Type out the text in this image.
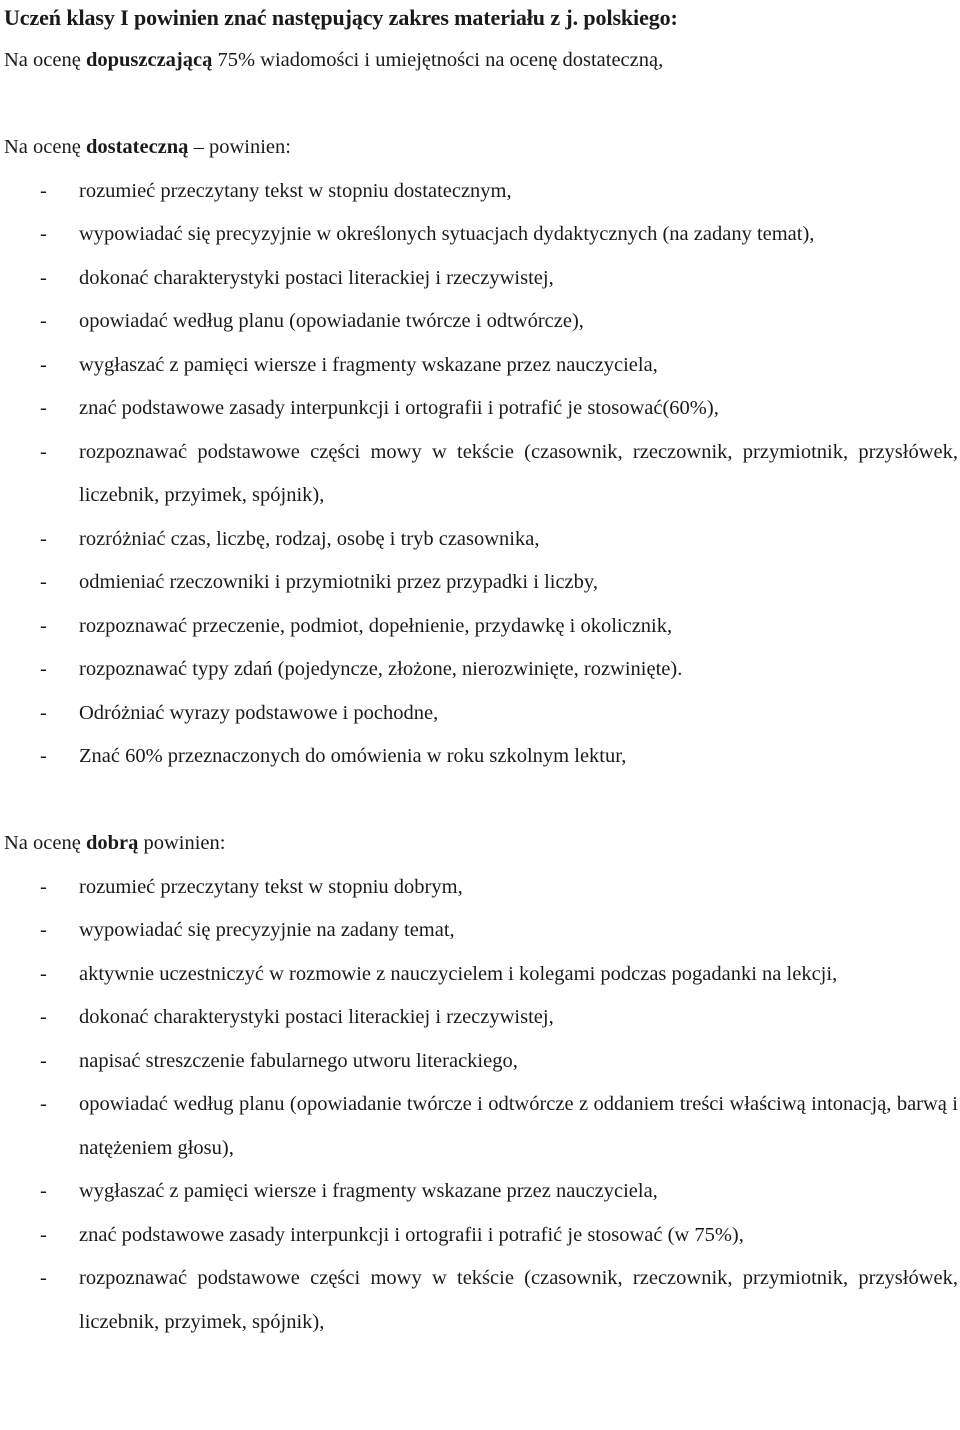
Uczeń klasy I powinien znać następujący zakres materiału z j. polskiego:
Na ocenę dopuszczającą 75% wiadomości i umiejętności na ocenę dostateczną,
Na ocenę dostateczną – powinien:
- rozumieć przeczytany tekst w stopniu dostatecznym,
- wypowiadać się precyzyjnie w określonych sytuacjach dydaktycznych (na zadany temat),
- dokonać charakterystyki postaci literackiej i rzeczywistej,
- opowiadać według planu (opowiadanie twórcze i odtwórcze),
- wygłaszać z pamięci wiersze i fragmenty wskazane przez nauczyciela,
- znać podstawowe zasady interpunkcji i ortografii i potrafić je stosować(60%),
- rozpoznawać podstawowe części mowy w tekście (czasownik, rzeczownik, przymiotnik, przysłówek, liczebnik, przyimek, spójnik),
- rozróżniać czas, liczbę, rodzaj, osobę i tryb czasownika,
- odmieniać rzeczowniki i przymiotniki przez przypadki i liczby,
- rozpoznawać przeczenie, podmiot, dopełnienie, przydawkę i okolicznik,
- rozpoznawać typy zdań (pojedyncze, złożone, nierozwinięte, rozwinięte).
- Odróżniać wyrazy podstawowe i pochodne,
- Znać 60% przeznaczonych do omówienia w roku szkolnym lektur,
Na ocenę dobrą powinien:
- rozumieć przeczytany tekst w stopniu dobrym,
- wypowiadać się precyzyjnie na zadany temat,
- aktywnie uczestniczyć w rozmowie z nauczycielem i kolegami podczas pogadanki na lekcji,
- dokonać charakterystyki postaci literackiej i rzeczywistej,
- napisać streszczenie fabularnego utworu literackiego,
- opowiadać według planu (opowiadanie twórcze i odtwórcze z oddaniem treści właściwą intonacją, barwą i natężeniem głosu),
- wygłaszać z pamięci wiersze i fragmenty wskazane przez nauczyciela,
- znać podstawowe zasady interpunkcji i ortografii i potrafić je stosować (w 75%),
- rozpoznawać podstawowe części mowy w tekście (czasownik, rzeczownik, przymiotnik, przysłówek, liczebnik, przyimek, spójnik),
